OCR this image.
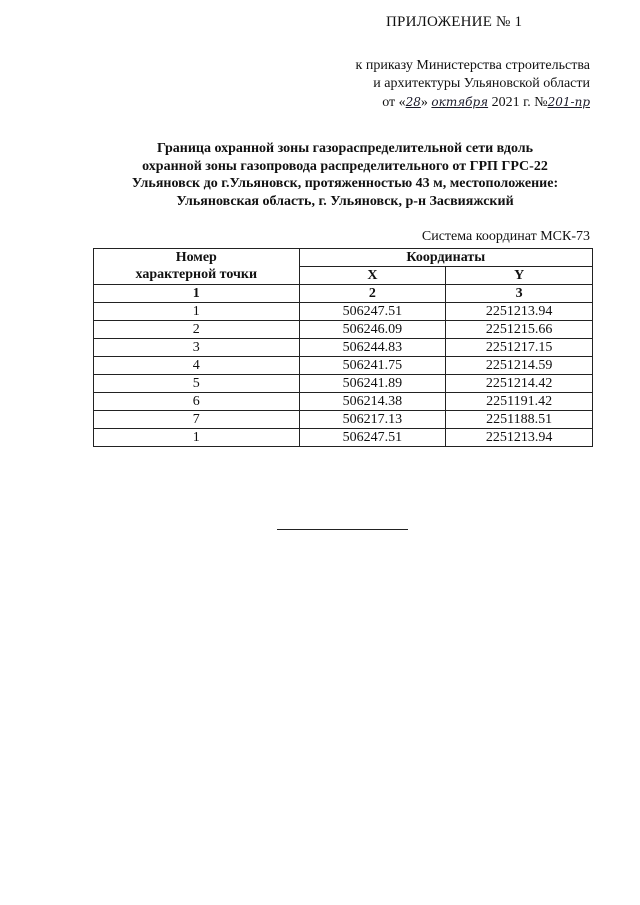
ПРИЛОЖЕНИЕ № 1
к приказу Министерства строительства
и архитектуры Ульяновской области
от «28» октября 2021 г. №201-пр
Граница охранной зоны газораспределительной сети вдоль
охранной зоны газопровода распределительного от ГРП ГРС-22
Ульяновск до г.Ульяновск, протяженностью 43 м, местоположение:
Ульяновская область, г. Ульяновск, р-н Засвияжский
Система координат МСК-73
Номер
характерной точки	Координаты	
	X	Y
1	2	3
1	506247.51	2251213.94
2	506246.09	2251215.66
3	506244.83	2251217.15
4	506241.75	2251214.59
5	506241.89	2251214.42
6	506214.38	2251191.42
7	506217.13	2251188.51
1	506247.51	2251213.94
